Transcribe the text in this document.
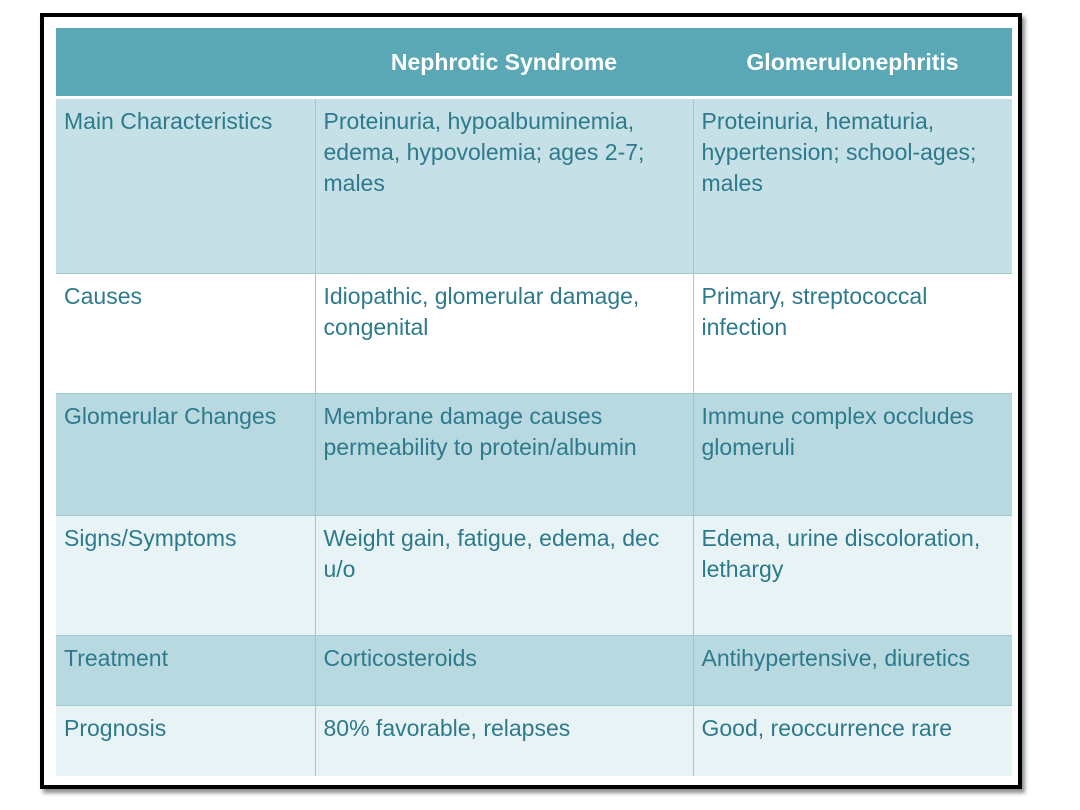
	Nephrotic Syndrome	Glomerulonephritis
Main Characteristics	Proteinuria, hypoalbuminemia, edema, hypovolemia; ages 2-7; males	Proteinuria, hematuria, hypertension; school-ages; males
Causes	Idiopathic, glomerular damage, congenital	Primary, streptococcal infection
Glomerular Changes	Membrane damage causes permeability to protein/albumin	Immune complex occludes glomeruli
Signs/Symptoms	Weight gain, fatigue, edema, dec u/o	Edema, urine discoloration, lethargy
Treatment	Corticosteroids	Antihypertensive, diuretics
Prognosis	80% favorable, relapses	Good, reoccurrence rare
